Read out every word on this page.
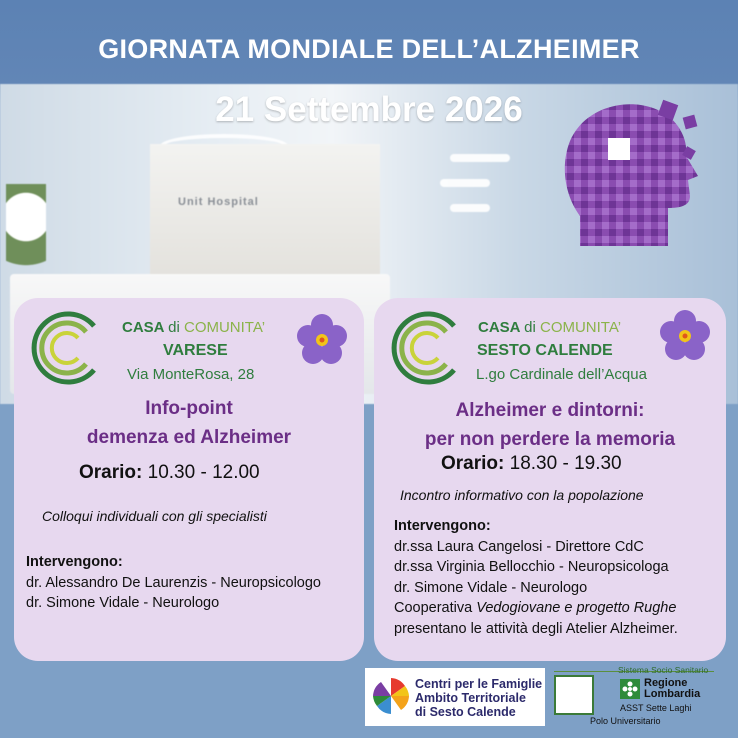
Unit Hospital
GIORNATA MONDIALE DELL’ALZHEIMER
21 Settembre 2026
CASA di COMUNITA’
VARESE
Via MonteRosa, 28
Info-point
demenza ed Alzheimer
Orario: 10.30 - 12.00
Colloqui individuali con gli specialisti
Intervengono:
dr. Alessandro De Laurenzis - Neuropsicologo
dr. Simone Vidale - Neurologo
CASA di COMUNITA’
SESTO CALENDE
L.go Cardinale dell’Acqua
Alzheimer e dintorni:
per non perdere la memoria
Orario: 18.30 - 19.30
Incontro informativo con la popolazione
Intervengono:
dr.ssa Laura Cangelosi - Direttore CdC
dr.ssa Virginia Bellocchio - Neuropsicologa
dr. Simone Vidale - Neurologo
Cooperativa Vedogiovane e progetto Rughe
presentano le attività degli Atelier Alzheimer.
Centri per le Famiglie
Ambito Territoriale
di Sesto Calende
Sistema Socio Sanitario
Regione
Lombardia
ASST Sette Laghi
Polo Universitario
